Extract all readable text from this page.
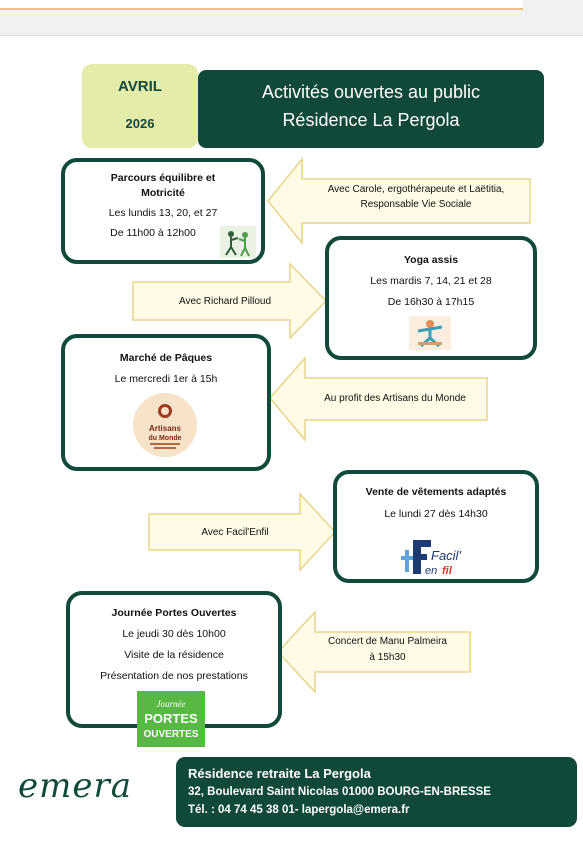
AVRIL
2026
Activités ouvertes au public
Résidence La Pergola
Avec Carole, ergothérapeute et Laëtitia,
Responsable Vie Sociale
Avec Richard Pilloud
Au profit des Artisans du Monde
Avec Facil'Enfil
Concert de Manu Palmeira
à 15h30
Parcours équilibre et
Motricité
Les lundis 13, 20, et 27
De 11h00 à 12h00
Yoga assis
Les mardis 7, 14, 21 et 28
De 16h30 à 17h15
Marché de Pâques
Le mercredi 1er à 15h
Artisans
du Monde
Vente de vêtements adaptés
Le lundi 27 dès 14h30
Facil'
en fil
Journée Portes Ouvertes
Le jeudi 30 dès 10h00
Visite de la résidence
Présentation de nos prestations
Journée
PORTES
OUVERTES
emera	Résidence retraite La Pergola
32, Boulevard Saint Nicolas 01000 BOURG-EN-BRESSE
Tél. : 04 74 45 38 01- lapergola@emera.fr
